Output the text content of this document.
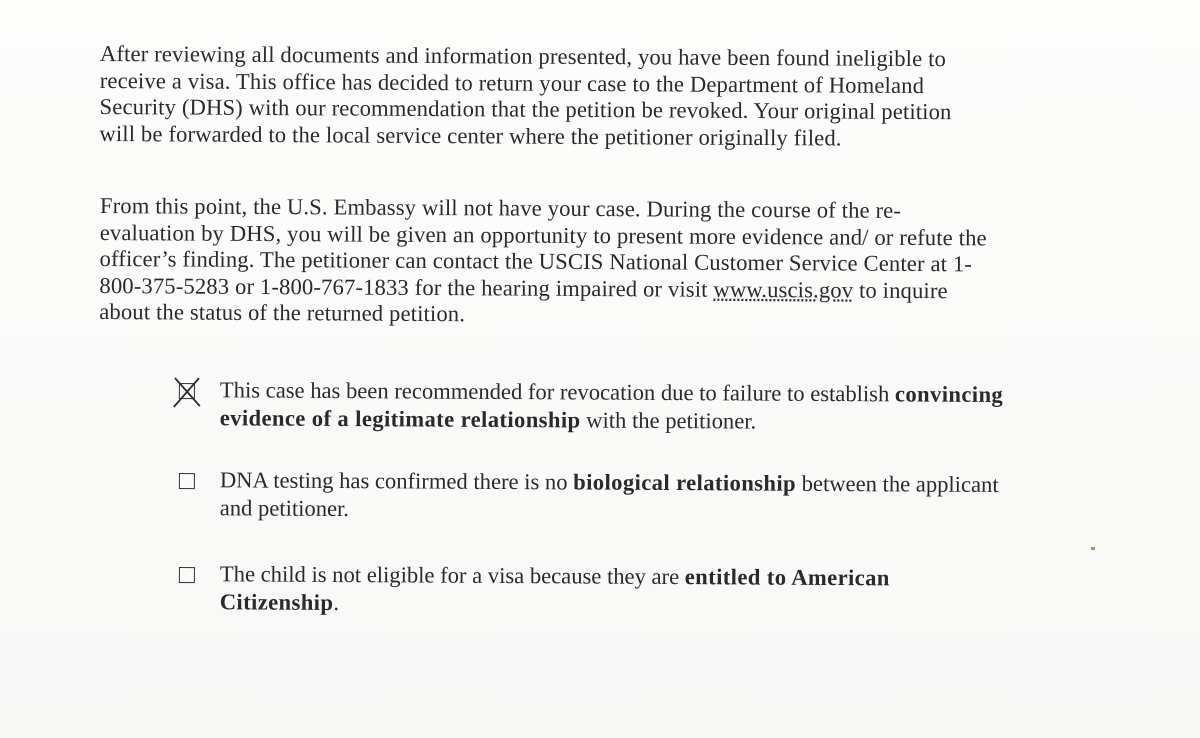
After reviewing all documents and information presented, you have been found ineligible to
receive a visa. This office has decided to return your case to the Department of Homeland
Security (DHS) with our recommendation that the petition be revoked. Your original petition
will be forwarded to the local service center where the petitioner originally filed.
From this point, the U.S. Embassy will not have your case. During the course of the re-
evaluation by DHS, you will be given an opportunity to present more evidence and/ or refute the
officer’s finding. The petitioner can contact the USCIS National Customer Service Center at 1-
800-375-5283 or 1-800-767-1833 for the hearing impaired or visit www.uscis.gov to inquire
about the status of the returned petition.
This case has been recommended for revocation due to failure to establish convincing
evidence of a legitimate relationship with the petitioner.
DNA testing has confirmed there is no biological relationship between the applicant
and petitioner.
The child is not eligible for a visa because they are entitled to American
Citizenship.
